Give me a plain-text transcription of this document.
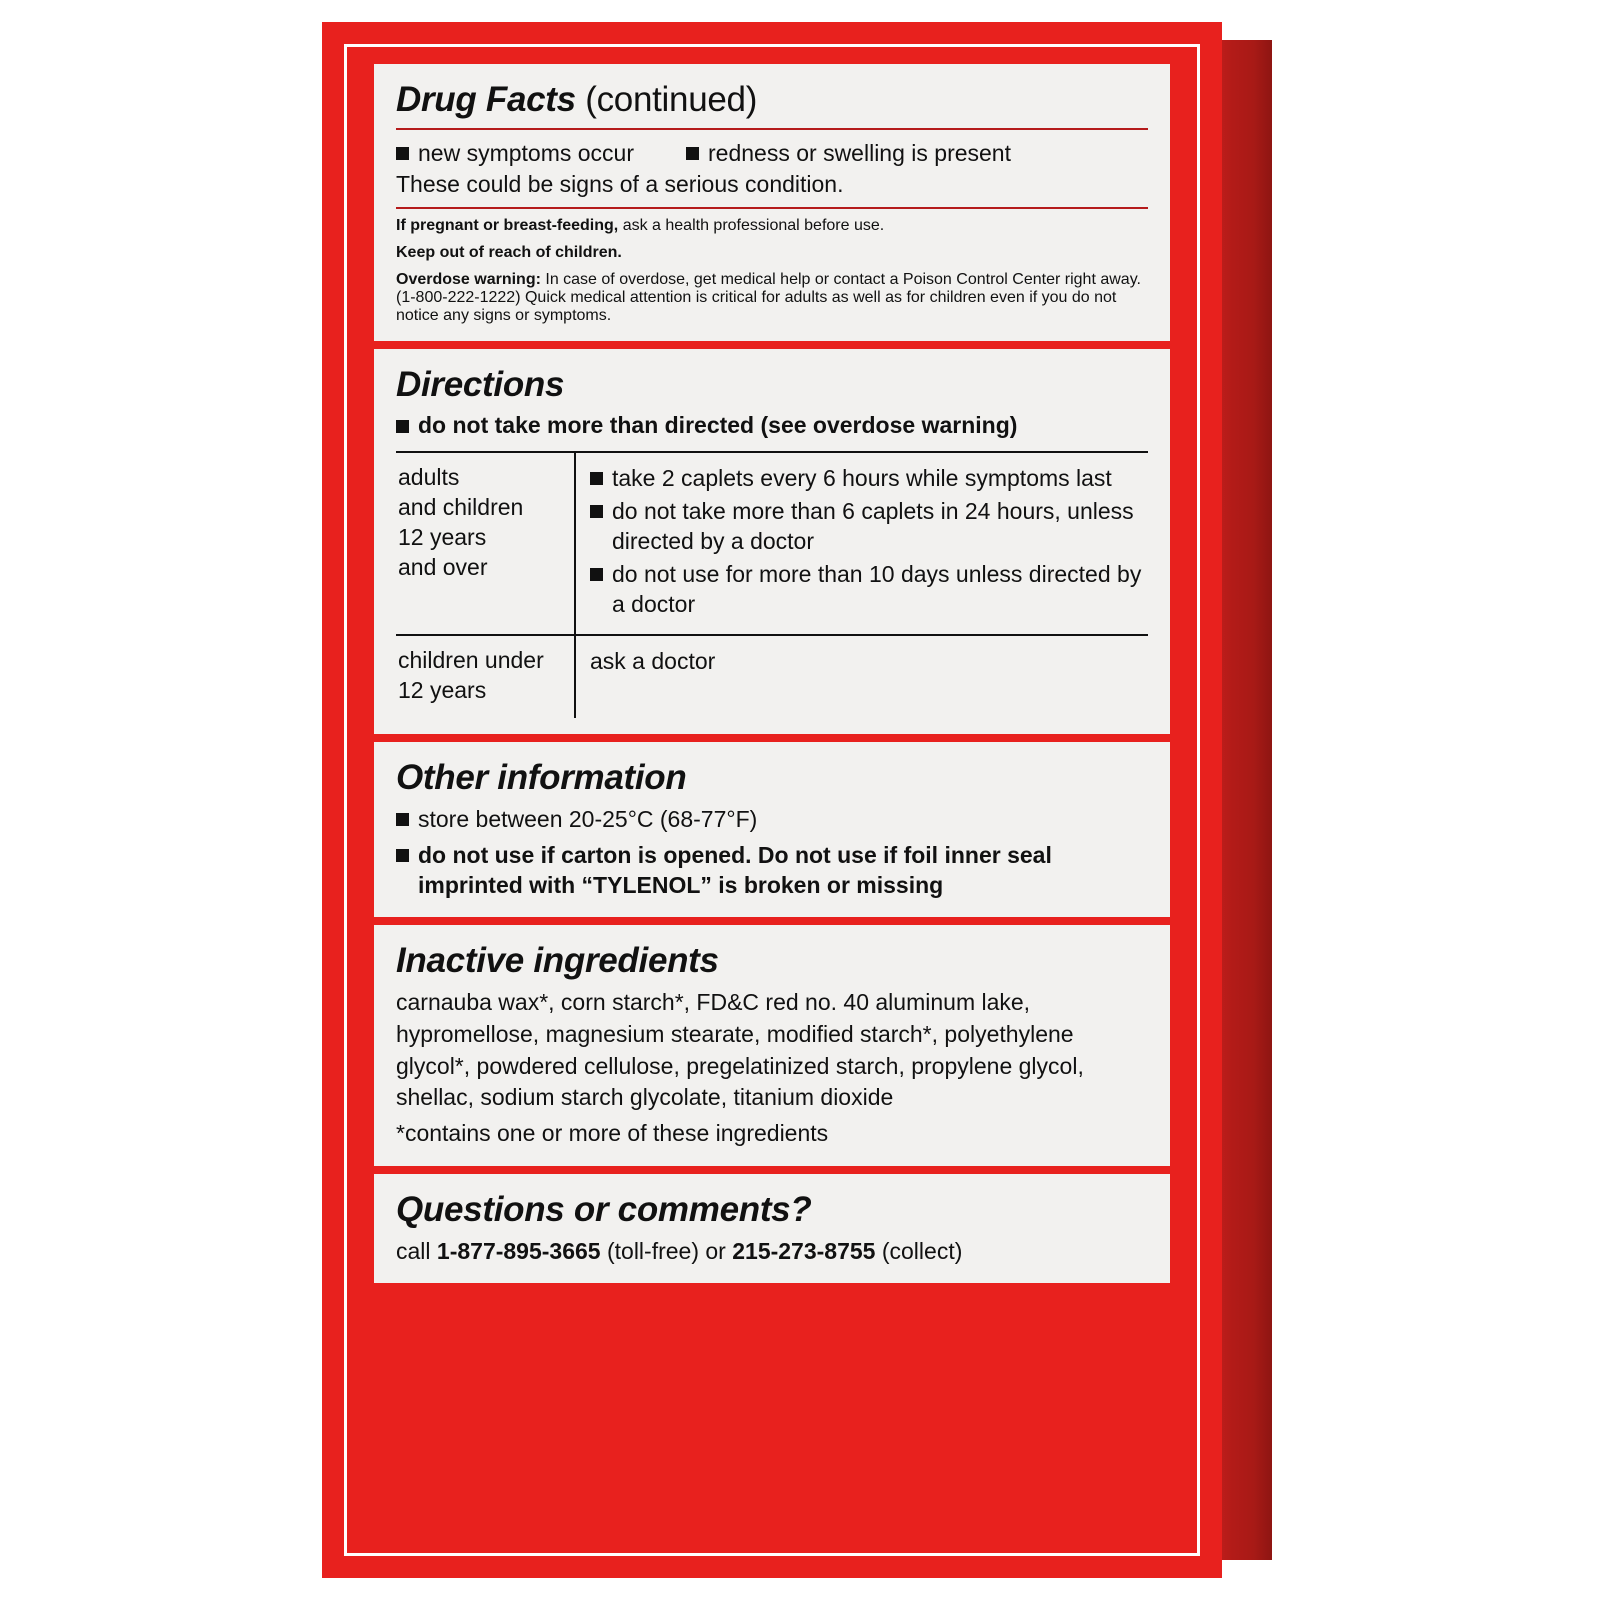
Drug Facts (continued)
new symptoms occur	redness or swelling is present
These could be signs of a serious condition.
If pregnant or breast-feeding, ask a health professional before use.
Keep out of reach of children.
Overdose warning: In case of overdose, get medical help or contact a Poison Control Center right away. (1-800-222-1222) Quick medical attention is critical for adults as well as for children even if you do not notice any signs or symptoms.
Directions
do not take more than directed (see overdose warning)
adults
and children
12 years
and over
take 2 caplets every 6 hours while symptoms last
do not take more than 6 caplets in 24 hours, unless directed by a doctor
do not use for more than 10 days unless directed by a doctor
children under
12 years
ask a doctor
Other information
store between 20-25°C (68-77°F)
do not use if carton is opened. Do not use if foil inner seal imprinted with “TYLENOL” is broken or missing
Inactive ingredients
carnauba wax*, corn starch*, FD&C red no. 40 aluminum lake, hypromellose, magnesium stearate, modified starch*, polyethylene glycol*, powdered cellulose, pregelatinized starch, propylene glycol, shellac, sodium starch glycolate, titanium dioxide
*contains one or more of these ingredients
Questions or comments?
call 1-877-895-3665 (toll-free) or 215-273-8755 (collect)
